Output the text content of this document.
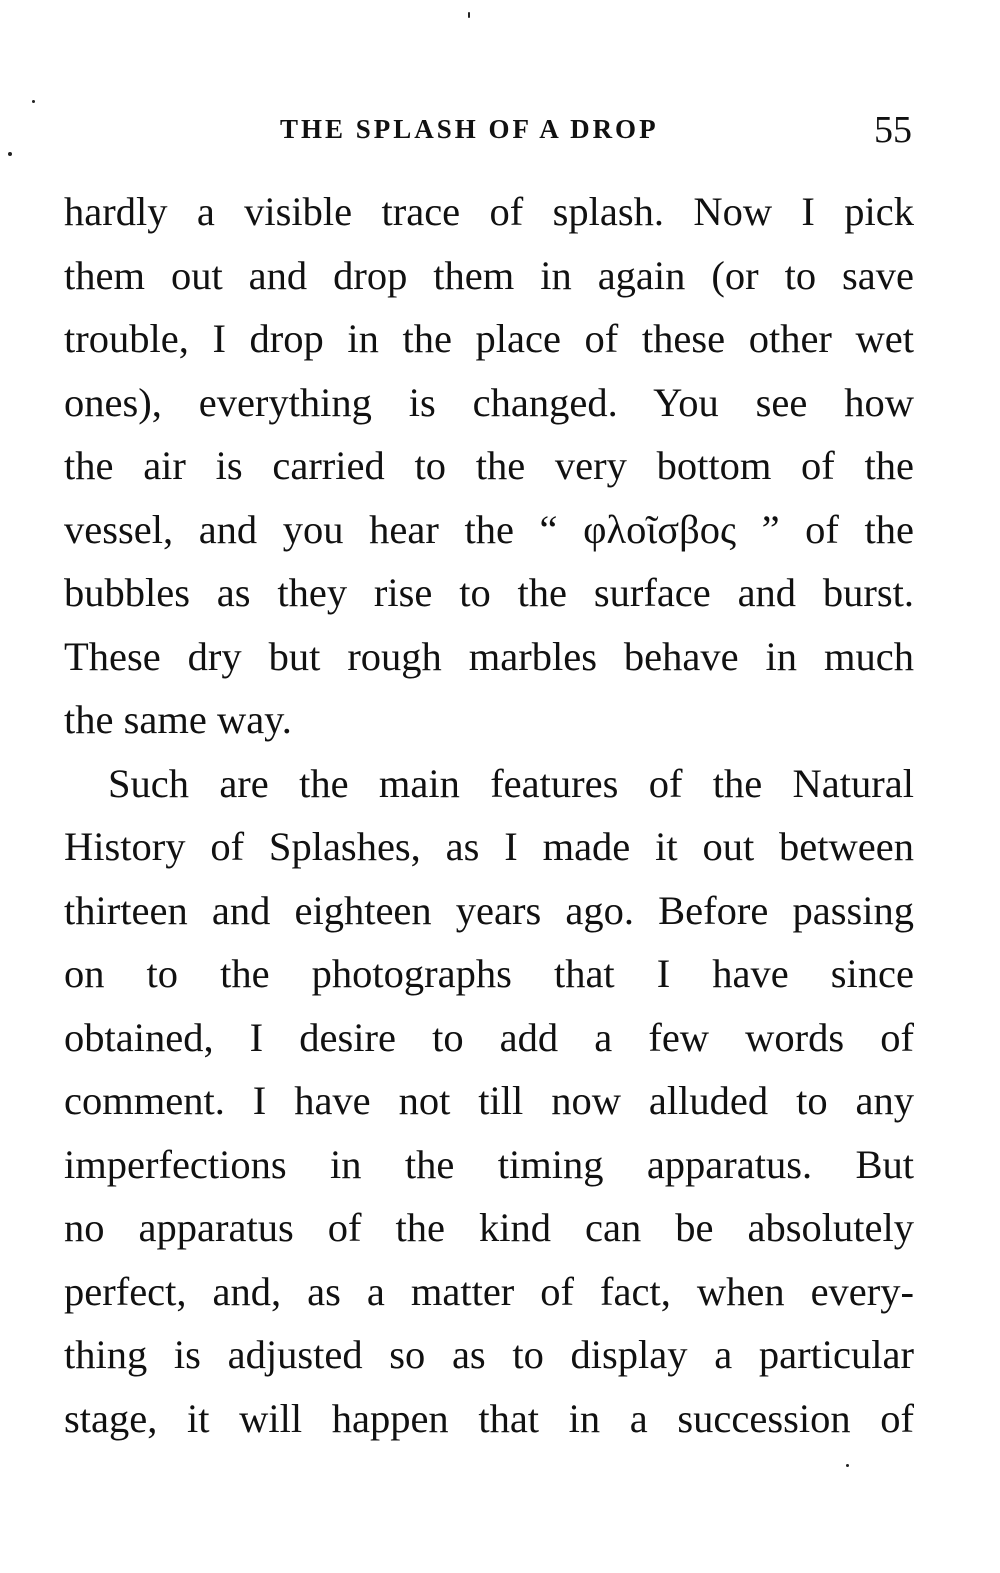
THE SPLASH OF A DROP	55
hardly a visible trace of splash. Now I pick
them out and drop them in again (or to save
trouble, I drop in the place of these other wet
ones), everything is changed. You see how
the air is carried to the very bottom of the
vessel, and you hear the “ φλοῖσβος ” of the
bubbles as they rise to the surface and burst.
These dry but rough marbles behave in much
the same way.
Such are the main features of the Natural
History of Splashes, as I made it out between
thirteen and eighteen years ago. Before passing
on to the photographs that I have since
obtained, I desire to add a few words of
comment. I have not till now alluded to any
imperfections in the timing apparatus. But
no apparatus of the kind can be absolutely
perfect, and, as a matter of fact, when every-
thing is adjusted so as to display a particular
stage, it will happen that in a succession of
